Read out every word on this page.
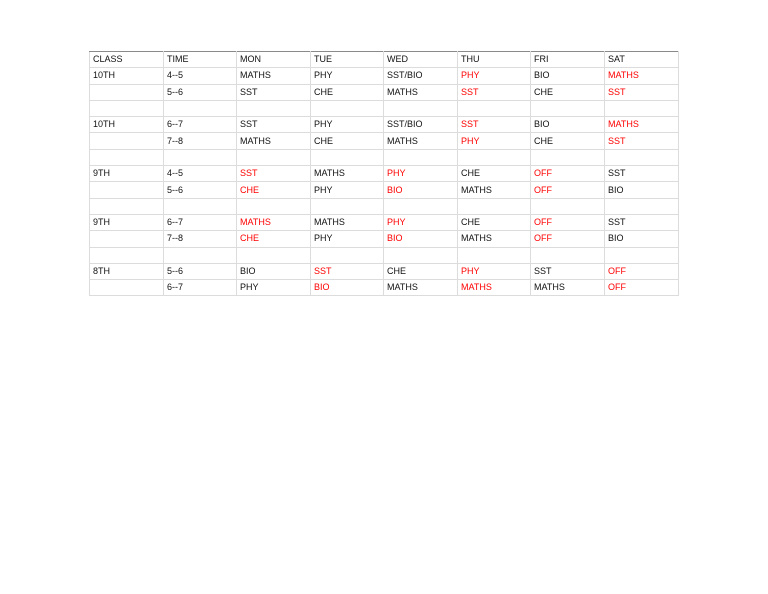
CLASS	TIME	MON	TUE	WED	THU	FRI	SAT
10TH	4--5	MATHS	PHY	SST/BIO	PHY	BIO	MATHS
	5--6	SST	CHE	MATHS	SST	CHE	SST

10TH	6--7	SST	PHY	SST/BIO	SST	BIO	MATHS
	7--8	MATHS	CHE	MATHS	PHY	CHE	SST

9TH	4--5	SST	MATHS	PHY	CHE	OFF	SST
	5--6	CHE	PHY	BIO	MATHS	OFF	BIO

9TH	6--7	MATHS	MATHS	PHY	CHE	OFF	SST
	7--8	CHE	PHY	BIO	MATHS	OFF	BIO

8TH	5--6	BIO	SST	CHE	PHY	SST	OFF
	6--7	PHY	BIO	MATHS	MATHS	MATHS	OFF
